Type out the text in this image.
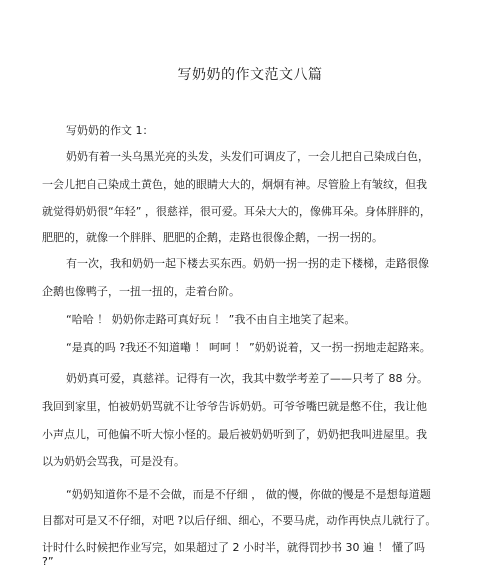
写奶奶的作文范文八篇
写奶奶的作文 1：
奶奶有着一头乌黑光亮的头发，头发们可调皮了，一会儿把自己染成白色，
一会儿把自己染成土黄色，她的眼睛大大的，炯炯有神。尽管脸上有皱纹，但我
就觉得奶奶很“年轻” ，很慈祥，很可爱。耳朵大大的，像佛耳朵。身体胖胖的，
肥肥的，就像一个胖胖、肥肥的企鹅，走路也很像企鹅，一拐一拐的。
有一次，我和奶奶一起下楼去买东西。奶奶一拐一拐的走下楼梯，走路很像
企鹅也像鸭子，一扭一扭的，走着台阶。
“哈哈 ！ 奶奶你走路可真好玩 ！ ”我不由自主地笑了起来。
“是真的吗 ?我还不知道嘞 ！ 呵呵 ！ ”奶奶说着，又一拐一拐地走起路来。
奶奶真可爱，真慈祥。记得有一次，我其中数学考差了——只考了 88 分。
我回到家里，怕被奶奶骂就不让爷爷告诉奶奶。可爷爷嘴巴就是憋不住，我让他
小声点儿，可他偏不听大惊小怪的。最后被奶奶听到了，奶奶把我叫进屋里。我
以为奶奶会骂我，可是没有。
“奶奶知道你不是不会做，而是不仔细 ， 做的慢，你做的慢是不是想每道题
目都对可是又不仔细，对吧 ?以后仔细、细心，不要马虎，动作再快点儿就行了。
计时什么时候把作业写完，如果超过了 2 小时半，就得罚抄书 30 遍 ！ 懂了吗
?”
